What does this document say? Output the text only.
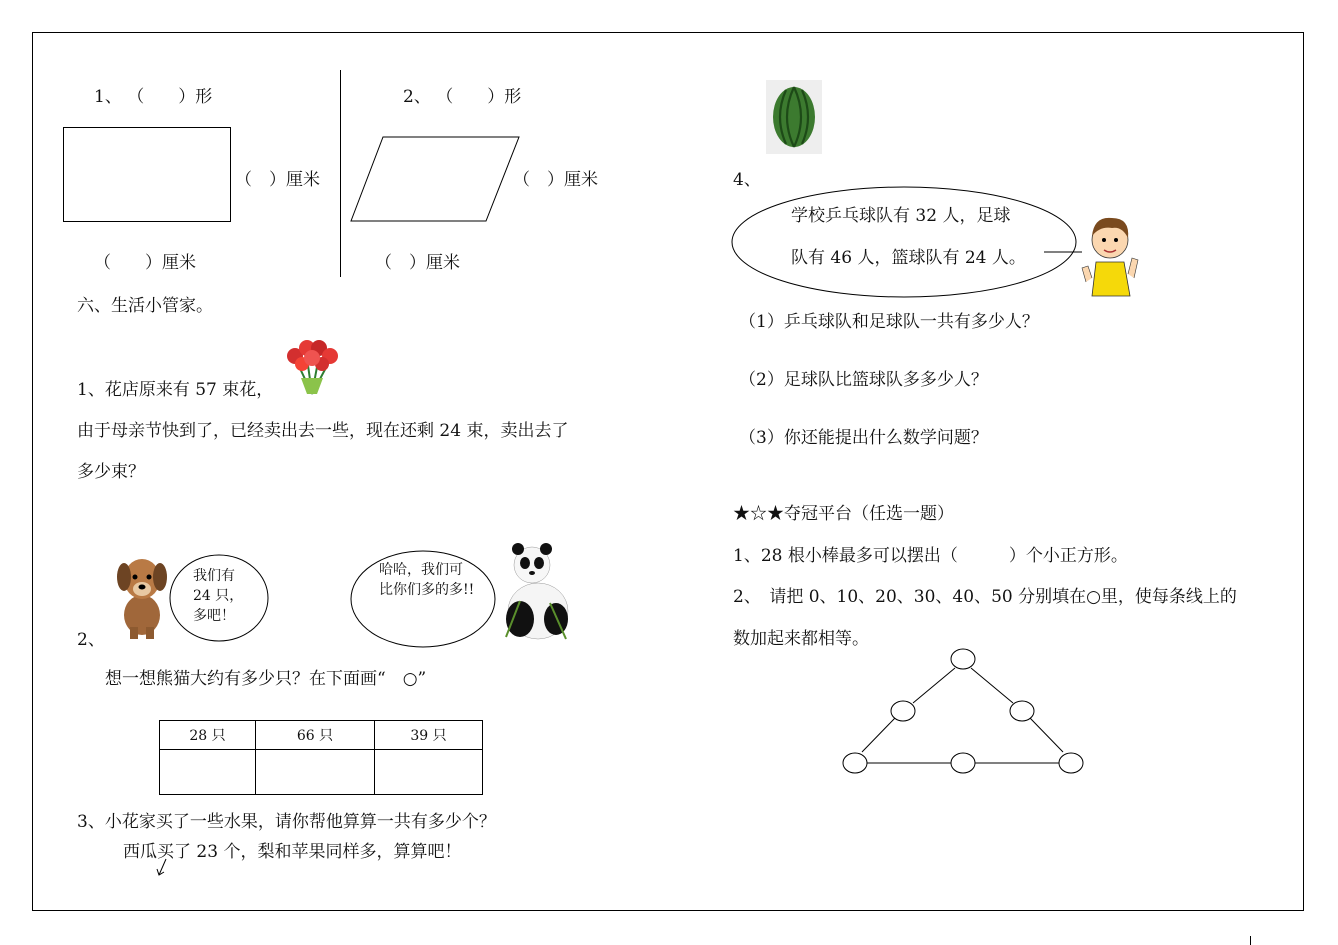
1、 （　　）形
（　）厘米
（　　）厘米
2、 （　　）形
（　）厘米
（　）厘米
六、生活小管家。
1、花店原来有 57 束花，
由于母亲节快到了，已经卖出去一些，现在还剩 24 束，卖出去了
多少束？
我们有 24 只，多吧！
哈哈，我们可比你们多的多!!
2、
想一想熊猫大约有多少只？在下面画“　○”
28 只	66 只	39 只

3、小花家买了一些水果，请你帮他算算一共有多少个？
西瓜买了 23 个，梨和苹果同样多，算算吧！
4、
学校乒乓球队有 32 人，足球
队有 46 人，篮球队有 24 人。
（1）乒乓球队和足球队一共有多少人？
（2）足球队比篮球队多多少人？
（3）你还能提出什么数学问题？
★☆★夺冠平台（任选一题）
1、28 根小棒最多可以摆出（　　　）个小正方形。
2、　请把 0、10、20、30、40、50 分别填在○里，使每条线上的
数加起来都相等。
